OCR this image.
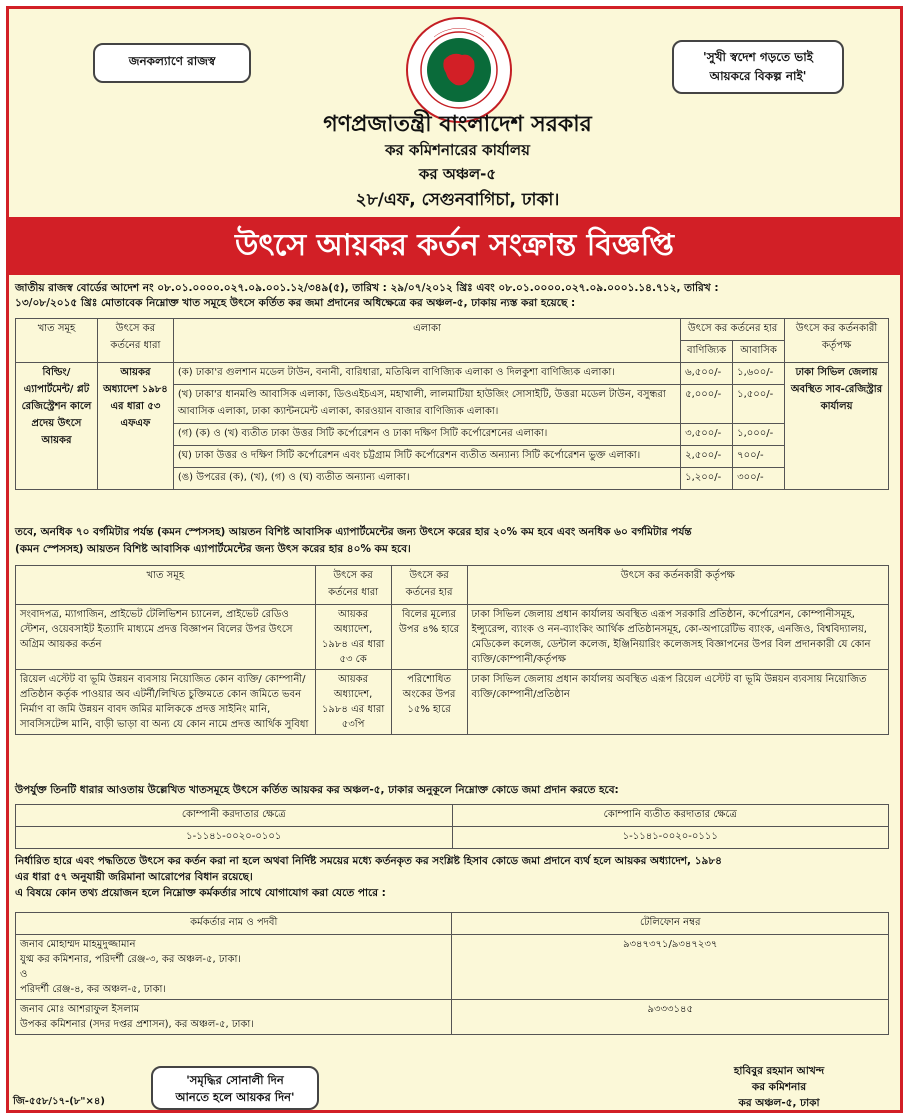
জনকল্যাণে রাজস্ব	'সুখী স্বদেশ গড়তে ভাই
আয়করে বিকল্প নাই'
গণপ্রজাতন্ত্রী বাংলাদেশ সরকার
কর কমিশনারের কার্যালয়
কর অঞ্চল-৫
২৮/এফ, সেগুনবাগিচা, ঢাকা।
উৎসে আয়কর কর্তন সংক্রান্ত বিজ্ঞপ্তি
জাতীয় রাজস্ব বোর্ডের আদেশ নং ০৮.০১.০০০০.০২৭.০৯.০০১.১২/৩৪৯(৫), তারিখ : ২৯/০৭/২০১২ খ্রিঃ এবং ০৮.০১.০০০০.০২৭.০৯.০০০১.১৪.৭১২, তারিখ :
১৩/০৮/২০১৫ খ্রিঃ মোতাবেক নিম্নোক্ত খাত সমূহে উৎসে কর্তিত কর জমা প্রদানের অধিক্ষেত্রে কর অঞ্চল-৫, ঢাকায় ন্যস্ত করা হয়েছে :
খাত সমূহ	উৎসে কর কর্তনের ধারা	এলাকা	উৎসে কর কর্তনের হার		উৎসে কর কর্তনকারী কর্তৃপক্ষ
			বাণিজ্যিক	আবাসিক	
বিল্ডিং/ এ্যাপার্টমেন্ট/ প্লট রেজিস্ট্রেশন কালে প্রদেয় উৎসে আয়কর	আয়কর অধ্যাদেশ ১৯৮৪ এর ধারা ৫৩ এফএফ	(ক) ঢাকা'র গুলশান মডেল টাউন, বনানী, বারিধারা, মতিঝিল বাণিজ্যিক এলাকা ও দিলকুশা বাণিজ্যিক এলাকা।	৬,৫০০/-	১,৬০০/-	ঢাকা সিভিল জেলায় অবস্থিত সাব-রেজিস্ট্রার কার্যালয়
		(খ) ঢাকা'র ধানমণ্ডি আবাসিক এলাকা, ডিওএইচএস, মহাখালী, লালমাটিয়া হাউজিং সোসাইটি, উত্তরা মডেল টাউন, বসুন্ধরা আবাসিক এলাকা, ঢাকা ক্যান্টনমেন্ট এলাকা, কারওয়ান বাজার বাণিজ্যিক এলাকা।	৫,০০০/-	১,৫০০/-	
		(গ) (ক) ও (খ) ব্যতীত ঢাকা উত্তর সিটি কর্পোরেশন ও ঢাকা দক্ষিণ সিটি কর্পোরেশনের এলাকা।	৩,৫০০/-	১,০০০/-	
		(ঘ) ঢাকা উত্তর ও দক্ষিণ সিটি কর্পোরেশন এবং চট্টগ্রাম সিটি কর্পোরেশন ব্যতীত অন্যান্য সিটি কর্পোরেশন ভুক্ত এলাকা।	২,৫০০/-	৭০০/-	
		(ঙ) উপরের (ক), (খ), (গ) ও (ঘ) ব্যতীত অন্যান্য এলাকা।	১,২০০/-	৩০০/-	
তবে, অনধিক ৭০ বর্গমিটার পর্যন্ত (কমন স্পেসসহ) আয়তন বিশিষ্ট আবাসিক এ্যাপার্টমেন্টের জন্য উৎসে করের হার ২০% কম হবে এবং অনধিক ৬০ বর্গমিটার পর্যন্ত
(কমন স্পেসসহ) আয়তন বিশিষ্ট আবাসিক এ্যাপার্টমেন্টের জন্য উৎস করের হার ৪০% কম হবে।
খাত সমূহ	উৎসে কর কর্তনের ধারা	উৎসে কর কর্তনের হার	উৎসে কর কর্তনকারী কর্তৃপক্ষ
সংবাদপত্র, ম্যাগাজিন, প্রাইভেট টেলিভিশন চ্যানেল, প্রাইভেট রেডিও স্টেশন, ওয়েবসাইট ইত্যাদি মাধ্যমে প্রদত্ত বিজ্ঞাপন বিলের উপর উৎসে অগ্রিম আয়কর কর্তন	আয়কর অধ্যাদেশ, ১৯৮৪ এর ধারা ৫৩ কে	বিলের মূল্যের উপর ৪% হারে	ঢাকা সিভিল জেলায় প্রধান কার্যালয় অবস্থিত এরূপ সরকারি প্রতিষ্ঠান, কর্পোরেশন, কোম্পানীসমূহ, ইন্স্যুরেন্স, ব্যাংক ও নন-ব্যাংকিং আর্থিক প্রতিষ্ঠানসমূহ, কো-অপারেটিভ ব্যাংক, এনজিও, বিশ্ববিদ্যালয়, মেডিকেল কলেজ, ডেন্টাল কলেজ, ইঞ্জিনিয়ারিং কলেজসহ বিজ্ঞাপনের উপর বিল প্রদানকারী যে কোন ব্যক্তি/কোম্পানী/কর্তৃপক্ষ
রিয়েল এস্টেট বা ভূমি উন্নয়ন ব্যবসায় নিয়োজিত কোন ব্যক্তি/ কোম্পানী/প্রতিষ্ঠান কর্তৃক পাওয়ার অব এটর্নী/লিখিত চুক্তিমতে কোন জমিতে ভবন নির্মাণ বা জমি উন্নয়ন বাবদ জমির মালিককে প্রদত্ত সাইনিং মানি, সাবসিসটেন্স মানি, বাড়ী ভাড়া বা অন্য যে কোন নামে প্রদত্ত আর্থিক সুবিধা	আয়কর অধ্যাদেশ, ১৯৮৪ এর ধারা ৫৩পি	পরিশোধিত অংকের উপর ১৫% হারে	ঢাকা সিভিল জেলায় প্রধান কার্যালয় অবস্থিত এরূপ রিয়েল এস্টেট বা ভূমি উন্নয়ন ব্যবসায় নিয়োজিত ব্যক্তি/কোম্পানী/প্রতিষ্ঠান
উপর্যুক্ত তিনটি ধারার আওতায় উল্লেখিত খাতসমূহে উৎসে কর্তিত আয়কর কর অঞ্চল-৫, ঢাকার অনুকূলে নিম্নোক্ত কোডে জমা প্রদান করতে হবে:
কোম্পানী করদাতার ক্ষেত্রে	কোম্পানি ব্যতীত করদাতার ক্ষেত্রে
১-১১৪১-০০২০-০১০১	১-১১৪১-০০২০-০১১১
নির্ধারিত হারে এবং পদ্ধতিতে উৎসে কর কর্তন করা না হলে অথবা নির্দিষ্ট সময়ের মধ্যে কর্তনকৃত কর সংশ্লিষ্ট হিসাব কোডে জমা প্রদানে ব্যর্থ হলে আয়কর অধ্যাদেশ, ১৯৮৪
এর ধারা ৫৭ অনুযায়ী জরিমানা আরোপের বিধান রয়েছে।
এ বিষয়ে কোন তথ্য প্রয়োজন হলে নিম্নোক্ত কর্মকর্তার সাথে যোগাযোগ করা যেতে পারে :
কর্মকর্তার নাম ও পদবী	টেলিফোন নম্বর

জনাব মোহাম্মদ মাহমুদুজ্জামান
যুগ্ম কর কমিশনার, পরিদর্শী রেঞ্জ-৩, কর অঞ্চল-৫, ঢাকা।
ও
পরিদর্শী রেঞ্জ-৪, কর অঞ্চল-৫, ঢাকা।	৯৩৪৭৩৭১/৯৩৪৭২৩৭

জনাব মোঃ আশরাফুল ইসলাম
উপকর কমিশনার (সদর দপ্তর প্রশাসন), কর অঞ্চল-৫, ঢাকা।	৯৩৩৩১৪৫
'সমৃদ্ধির সোনালী দিন
আনতে হলে আয়কর দিন'
জি-৫৫৮/১৭-(৮"×৪)
হাবিবুর রহমান আখন্দ
কর কমিশনার
কর অঞ্চল-৫, ঢাকা
